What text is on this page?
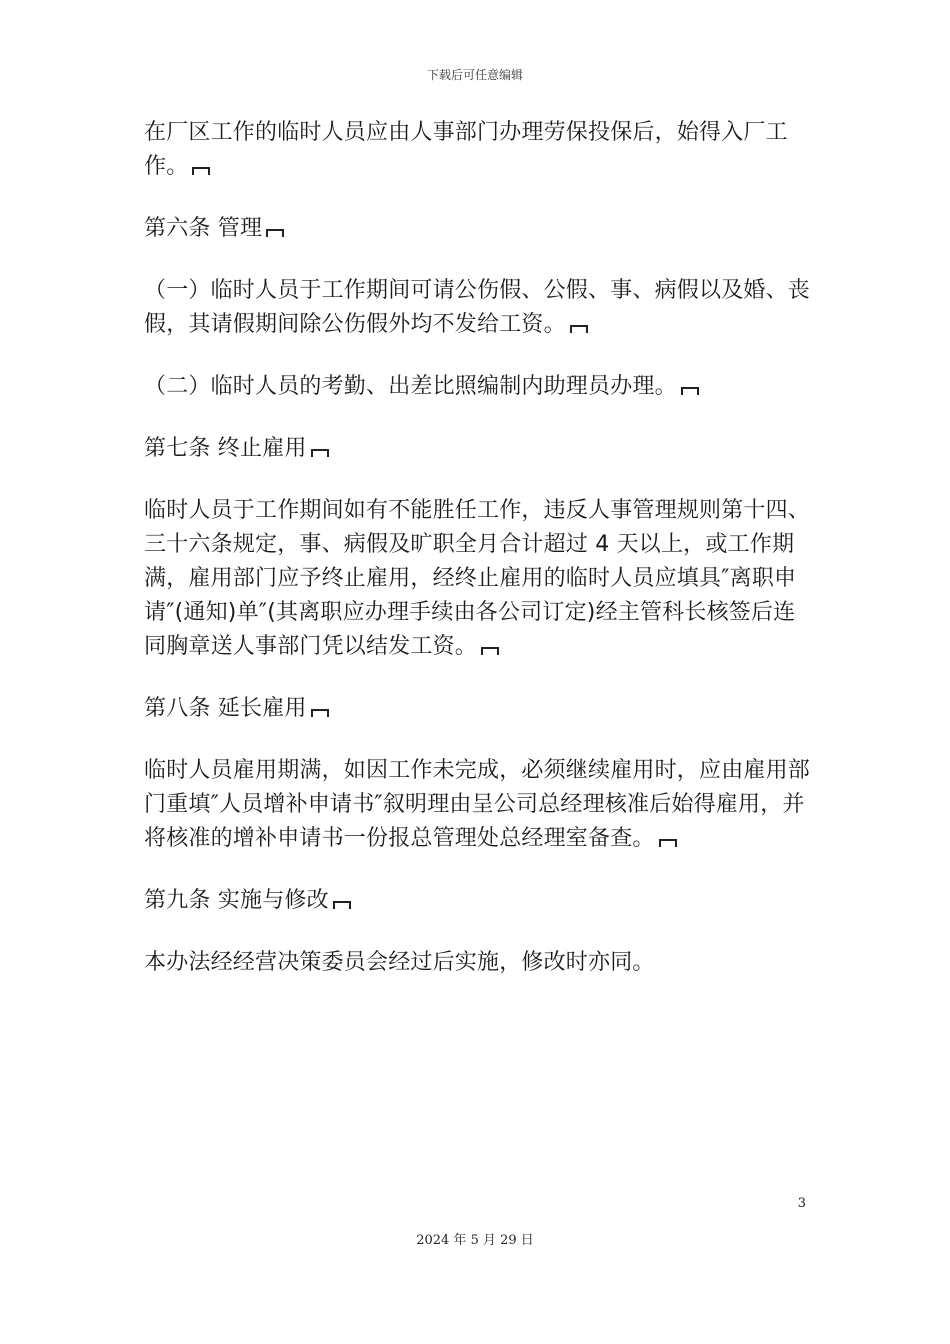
下载后可任意编辑

在厂区工作的临时人员应由人事部门办理劳保投保后，始得入厂工作。

第六条 管理

（一）临时人员于工作期间可请公伤假、公假、事、病假以及婚、丧假，其请假期间除公伤假外均不发给工资。

（二）临时人员的考勤、出差比照编制内助理员办理。

第七条 终止雇用

临时人员于工作期间如有不能胜任工作，违反人事管理规则第十四、三十六条规定，事、病假及旷职全月合计超过 4 天以上，或工作期满，雇用部门应予终止雇用，经终止雇用的临时人员应填具″离职申请″(通知)单″(其离职应办理手续由各公司订定)经主管科长核签后连同胸章送人事部门凭以结发工资。

第八条 延长雇用

临时人员雇用期满，如因工作未完成，必须继续雇用时，应由雇用部门重填″人员增补申请书″叙明理由呈公司总经理核准后始得雇用，并将核准的增补申请书一份报总管理处总经理室备查。

第九条 实施与修改

本办法经经营决策委员会经过后实施，修改时亦同。

3
2024 年 5 月 29 日
